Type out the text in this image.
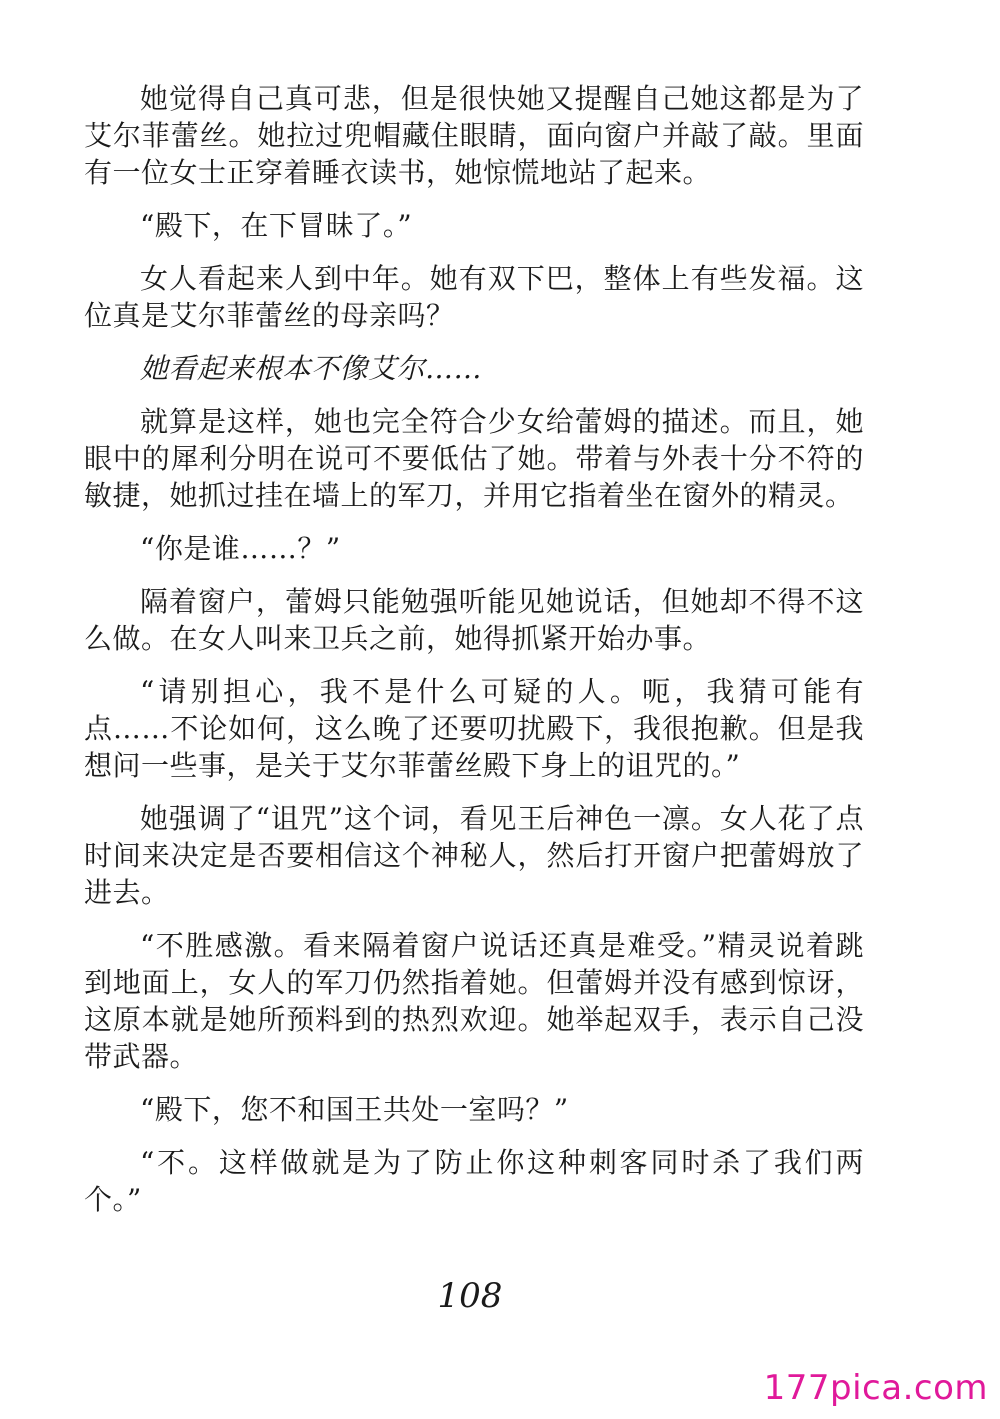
她觉得自己真可悲，但是很快她又提醒自己她这都是为了艾尔菲蕾丝。她拉过兜帽藏住眼睛，面向窗户并敲了敲。里面有一位女士正穿着睡衣读书，她惊慌地站了起来。

“殿下，在下冒昧了。”

女人看起来人到中年。她有双下巴，整体上有些发福。这位真是艾尔菲蕾丝的母亲吗？

她看起来根本不像艾尔……

就算是这样，她也完全符合少女给蕾姆的描述。而且，她眼中的犀利分明在说可不要低估了她。带着与外表十分不符的敏捷，她抓过挂在墙上的军刀，并用它指着坐在窗外的精灵。

“你是谁……？”

隔着窗户，蕾姆只能勉强听能见她说话，但她却不得不这么做。在女人叫来卫兵之前，她得抓紧开始办事。

“请别担心，我不是什么可疑的人。呃，我猜可能有点……不论如何，这么晚了还要叨扰殿下，我很抱歉。但是我想问一些事，是关于艾尔菲蕾丝殿下身上的诅咒的。”

她强调了“诅咒”这个词，看见王后神色一凛。女人花了点时间来决定是否要相信这个神秘人，然后打开窗户把蕾姆放了进去。

“不胜感激。看来隔着窗户说话还真是难受。”精灵说着跳到地面上，女人的军刀仍然指着她。但蕾姆并没有感到惊讶，这原本就是她所预料到的热烈欢迎。她举起双手，表示自己没带武器。

“殿下，您不和国王共处一室吗？”

“不。这样做就是为了防止你这种刺客同时杀了我们两个。”

108
177pica.com
